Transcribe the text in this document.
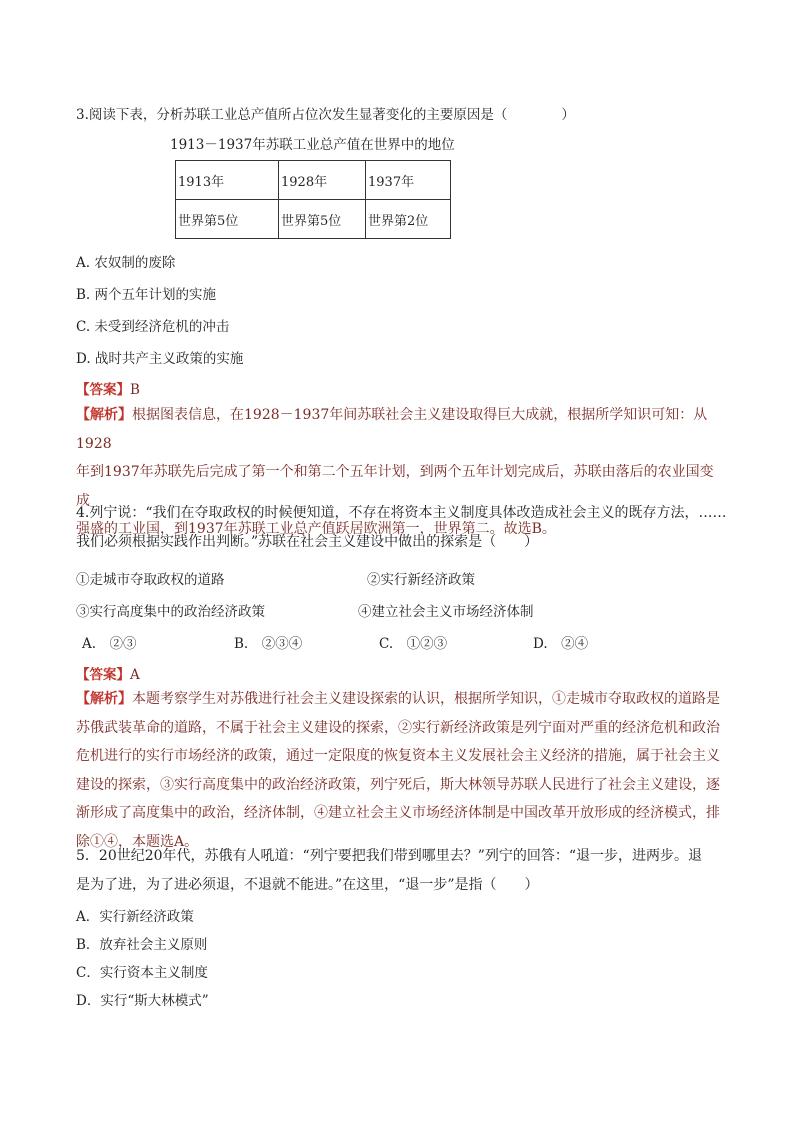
3.阅读下表，分析苏联工业总产值所占位次发生显著变化的主要原因是（　　　　）
1913－1937年苏联工业总产值在世界中的地位
1913年	1928年	1937年
世界第5位	世界第5位	世界第2位
A. 农奴制的废除
B. 两个五年计划的实施
C. 未受到经济危机的冲击
D. 战时共产主义政策的实施
【答案】B
【解析】根据图表信息，在1928－1937年间苏联社会主义建设取得巨大成就，根据所学知识可知：从1928
年到1937年苏联先后完成了第一个和第二个五年计划，到两个五年计划完成后，苏联由落后的农业国变成
强盛的工业国，到1937年苏联工业总产值跃居欧洲第一，世界第二。故选B。
4.列宁说：“我们在夺取政权的时候便知道，不存在将资本主义制度具体改造成社会主义的既存方法，……
我们必须根据实践作出判断。”苏联在社会主义建设中做出的探索是（　　）
①走城市夺取政权的道路	②实行新经济政策
③实行高度集中的政治经济政策	④建立社会主义市场经济体制
A.　②③	B.　②③④	C.　①②③	D.　②④
【答案】A
【解析】本题考察学生对苏俄进行社会主义建设探索的认识，根据所学知识，①走城市夺取政权的道路是
苏俄武装革命的道路，不属于社会主义建设的探索，②实行新经济政策是列宁面对严重的经济危机和政治
危机进行的实行市场经济的政策，通过一定限度的恢复资本主义发展社会主义经济的措施，属于社会主义
建设的探索，③实行高度集中的政治经济政策，列宁死后，斯大林领导苏联人民进行了社会主义建设，逐
渐形成了高度集中的政治，经济体制，④建立社会主义市场经济体制是中国改革开放形成的经济模式，排
除①④，本题选A。
5．20世纪20年代，苏俄有人吼道：“列宁要把我们带到哪里去？”列宁的回答：“退一步，进两步。退
是为了进，为了进必须退，不退就不能进。”在这里，“退一步”是指（　　）
A．实行新经济政策
B．放弃社会主义原则
C．实行资本主义制度
D．实行“斯大林模式”
